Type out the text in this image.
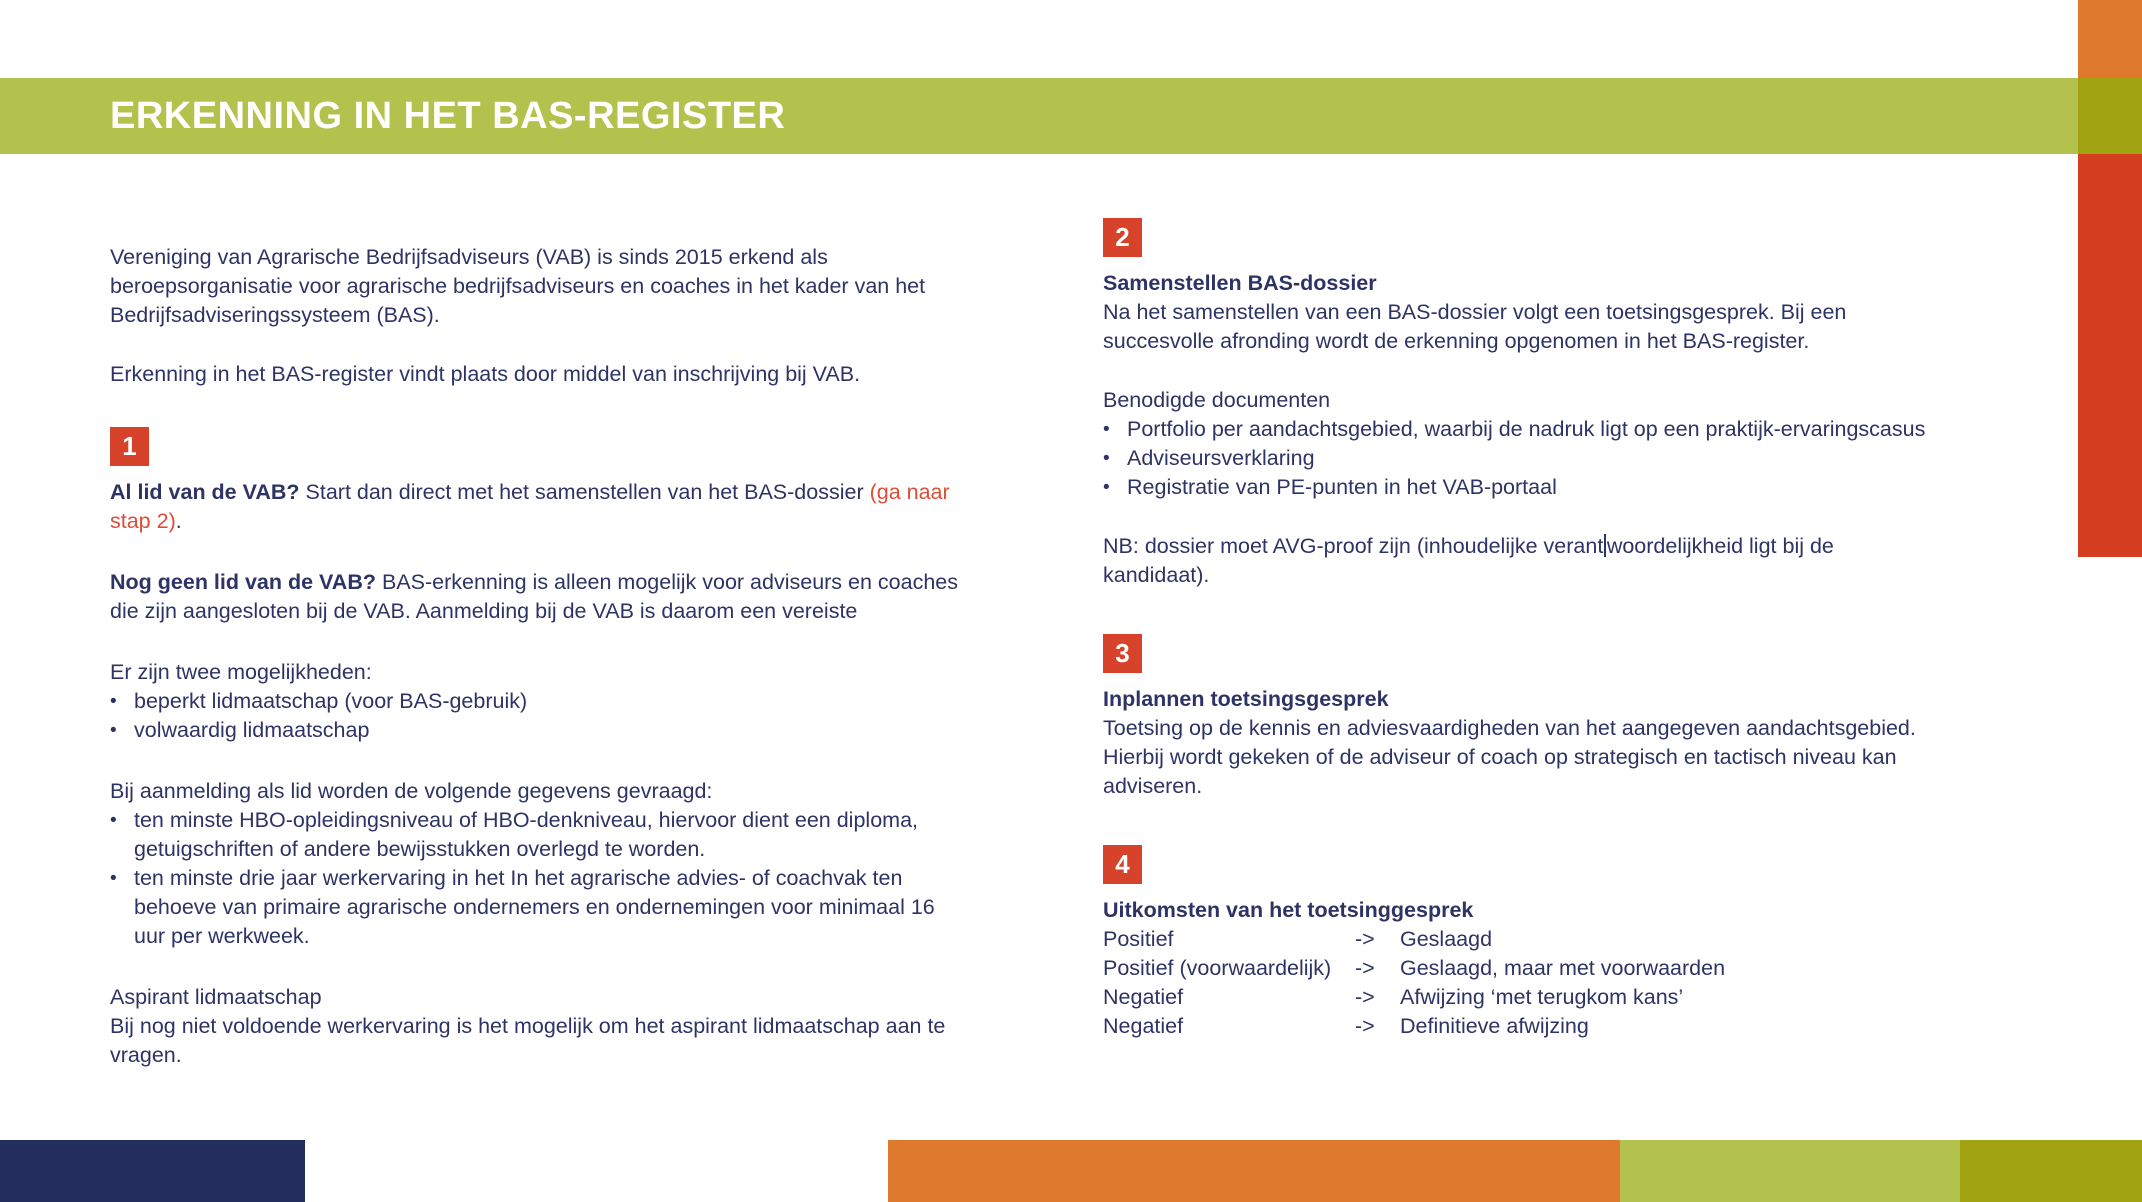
ERKENNING IN HET BAS-REGISTER

Vereniging van Agrarische Bedrijfsadviseurs (VAB) is sinds 2015 erkend als beroepsorganisatie voor agrarische bedrijfsadviseurs en coaches in het kader van het Bedrijfsadviseringssysteem (BAS).

Erkenning in het BAS-register vindt plaats door middel van inschrijving bij VAB.

1

Al lid van de VAB? Start dan direct met het samenstellen van het BAS-dossier (ga naar stap 2).

Nog geen lid van de VAB? BAS-erkenning is alleen mogelijk voor adviseurs en coaches die zijn aangesloten bij de VAB. Aanmelding bij de VAB is daarom een vereiste

Er zijn twee mogelijkheden:

• beperkt lidmaatschap (voor BAS-gebruik)
• volwaardig lidmaatschap

Bij aanmelding als lid worden de volgende gegevens gevraagd:

• ten minste HBO-opleidingsniveau of HBO-denkniveau, hiervoor dient een diploma, getuigschriften of andere bewijsstukken overlegd te worden.
• ten minste drie jaar werkervaring in het In het agrarische advies- of coachvak ten behoeve van primaire agrarische ondernemers en ondernemingen voor minimaal 16 uur per werkweek.

Aspirant lidmaatschap

Bij nog niet voldoende werkervaring is het mogelijk om het aspirant lidmaatschap aan te vragen.

2

Samenstellen BAS-dossier

Na het samenstellen van een BAS-dossier volgt een toetsingsgesprek. Bij een succesvolle afronding wordt de erkenning opgenomen in het BAS-register.

Benodigde documenten

• Portfolio per aandachtsgebied, waarbij de nadruk ligt op een praktijk-ervaringscasus
• Adviseursverklaring
• Registratie van PE-punten in het VAB-portaal

NB: dossier moet AVG-proof zijn (inhoudelijke verant woordelijkheid ligt bij de kandidaat).

3

Inplannen toetsingsgesprek

Toetsing op de kennis en adviesvaardigheden van het aangegeven aandachtsgebied. Hierbij wordt gekeken of de adviseur of coach op strategisch en tactisch niveau kan adviseren.

4

Uitkomsten van het toetsinggesprek

Positief	->	Geslaagd
Positief (voorwaardelijk)	->	Geslaagd, maar met voorwaarden
Negatief	->	Afwijzing ‘met terugkom kans’
Negatief	->	Definitieve afwijzing
